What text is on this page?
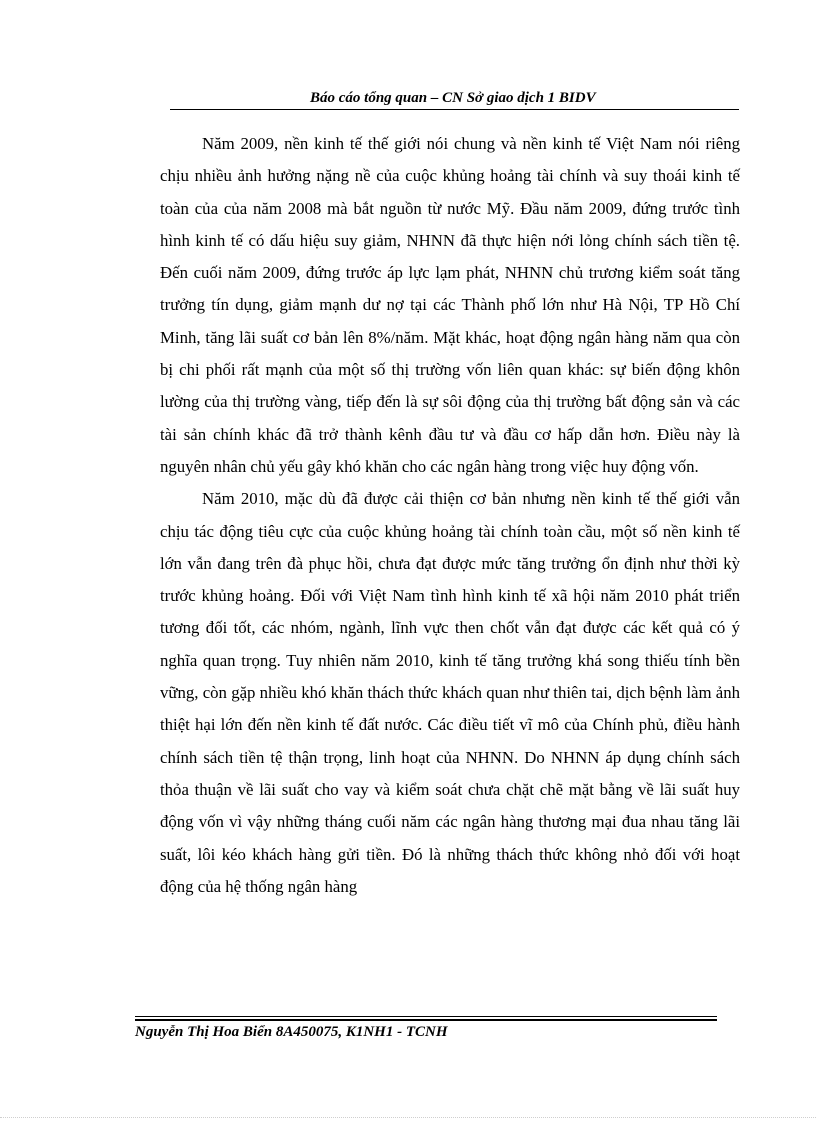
Báo cáo tổng quan – CN Sở giao dịch 1 BIDV

Năm 2009, nền kinh tế thế giới nói chung và nền kinh tế Việt Nam nói riêng chịu nhiều ảnh hưởng nặng nề của cuộc khủng hoảng tài chính và suy thoái kinh tế toàn của của năm 2008 mà bắt nguồn từ nước Mỹ. Đầu năm 2009, đứng trước tình hình kinh tế có dấu hiệu suy giảm, NHNN đã thực hiện nới lỏng chính sách tiền tệ. Đến cuối năm 2009, đứng trước áp lực lạm phát, NHNN chủ trương kiểm soát tăng trưởng tín dụng, giảm mạnh dư nợ tại các Thành phố lớn như Hà Nội, TP Hồ Chí Minh, tăng lãi suất cơ bản lên 8%/năm. Mặt khác, hoạt động ngân hàng năm qua còn bị chi phối rất mạnh của một số thị trường vốn liên quan khác: sự biến động khôn lường của thị trường vàng, tiếp đến là sự sôi động của thị trường bất động sản và các tài sản chính khác đã trở thành kênh đầu tư và đầu cơ hấp dẫn hơn. Điều này là nguyên nhân chủ yếu gây khó khăn cho các ngân hàng trong việc huy động vốn.

Năm 2010, mặc dù đã được cải thiện cơ bản nhưng nền kinh tế thế giới vẫn chịu tác động tiêu cực của cuộc khủng hoảng tài chính toàn cầu, một số nền kinh tế lớn vẫn đang trên đà phục hồi, chưa đạt được mức tăng trưởng ổn định như thời kỳ trước khủng hoảng. Đối với Việt Nam tình hình kinh tế xã hội năm 2010 phát triển tương đối tốt, các nhóm, ngành, lĩnh vực then chốt vẫn đạt được các kết quả có ý nghĩa quan trọng. Tuy nhiên năm 2010, kinh tế tăng trưởng khá song thiếu tính bền vững, còn gặp nhiều khó khăn thách thức khách quan như thiên tai, dịch bệnh làm ảnh thiệt hại lớn đến nền kinh tế đất nước. Các điều tiết vĩ mô của Chính phủ, điều hành chính sách tiền tệ thận trọng, linh hoạt của NHNN. Do NHNN áp dụng chính sách thỏa thuận về lãi suất cho vay và kiểm soát chưa chặt chẽ mặt bằng về lãi suất huy động vốn vì vậy những tháng cuối năm các ngân hàng thương mại đua nhau tăng lãi suất, lôi kéo khách hàng gửi tiền. Đó là những thách thức không nhỏ đối với hoạt động của hệ thống ngân hàng

Nguyễn Thị Hoa Biển 8A450075, K1NH1 - TCNH
